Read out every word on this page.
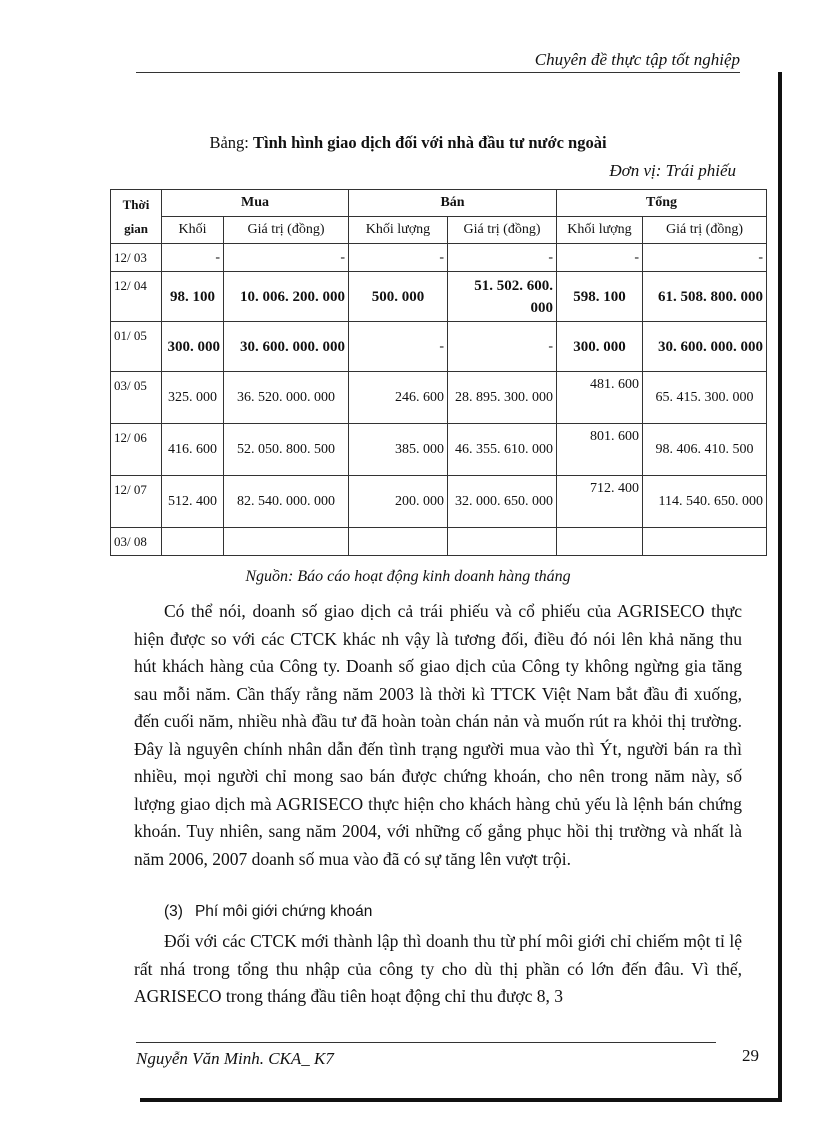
Chuyên đề thực tập tốt nghiệp
Bảng: Tình hình giao dịch đối với nhà đầu tư nước ngoài
Đơn vị: Trái phiếu
Thời gian	Mua		Bán		Tổng	
	Khối	Giá trị (đồng)	Khối lượng	Giá trị (đồng)	Khối lượng	Giá trị (đồng)
12/ 03	-	-	-	-	-	-
12/ 04	98. 100	10. 006. 200. 000	500. 000	51. 502. 600. 000	598. 100	61. 508. 800. 000
01/ 05	300. 000	30. 600. 000. 000	-	-	300. 000	30. 600. 000. 000
03/ 05	325. 000	36. 520. 000. 000	246. 600	28. 895. 300. 000	481. 600	65. 415. 300. 000
12/ 06	416. 600	52. 050. 800. 500	385. 000	46. 355. 610. 000	801. 600	98. 406. 410. 500
12/ 07	512. 400	82. 540. 000. 000	200. 000	32. 000. 650. 000	712. 400	114. 540. 650. 000
03/ 08						
Nguồn: Báo cáo hoạt động kinh doanh hàng tháng

Có thể nói, doanh số giao dịch cả trái phiếu và cổ phiếu của AGRISECO thực hiện được so với các CTCK khác nh vậy là tương đối, điều đó nói lên khả năng thu hút khách hàng của Công ty. Doanh số giao dịch của Công ty không ngừng gia tăng sau mỗi năm. Cần thấy rằng năm 2003 là thời kì TTCK Việt Nam bắt đầu đi xuống, đến cuối năm, nhiều nhà đầu tư đã hoàn toàn chán nản và muốn rút ra khỏi thị trường. Đây là nguyên chính nhân dẫn đến tình trạng người mua vào thì Ýt, người bán ra thì nhiều, mọi người chỉ mong sao bán được chứng khoán, cho nên trong năm này, số lượng giao dịch mà AGRISECO thực hiện cho khách hàng chủ yếu là lệnh bán chứng khoán. Tuy nhiên, sang năm 2004, với những cố gắng phục hồi thị trường và nhất là năm 2006, 2007 doanh số mua vào đã có sự tăng lên vượt trội.

(3) Phí môi giới chứng khoán

Đối với các CTCK mới thành lập thì doanh thu từ phí môi giới chỉ chiếm một tỉ lệ rất nhá trong tổng thu nhập của công ty cho dù thị phần có lớn đến đâu. Vì thế, AGRISECO trong tháng đầu tiên hoạt động chỉ thu được 8, 3

Nguyễn Văn Minh. CKA_ K7	29
